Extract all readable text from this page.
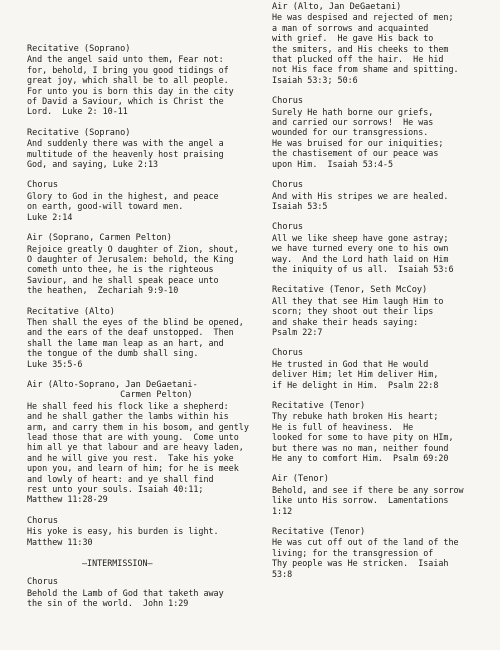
Recitative (Soprano)
And the angel said unto them, Fear not:
for, behold, I bring you good tidings of
great joy, which shall be to all people.
For unto you is born this day in the city
of David a Saviour, which is Christ the
Lord.  Luke 2: 10-11
Recitative (Soprano)
And suddenly there was with the angel a
multitude of the heavenly host praising
God, and saying, Luke 2:13
Chorus
Glory to God in the highest, and peace
on earth, good-will toward men.
Luke 2:14
Air (Soprano, Carmen Pelton)
Rejoice greatly O daughter of Zion, shout,
O daughter of Jerusalem: behold, the King
cometh unto thee, he is the righteous
Saviour, and he shall speak peace unto
the heathen,  Zechariah 9:9-10
Recitative (Alto)
Then shall the eyes of the blind be opened,
and the ears of the deaf unstopped.  Then
shall the lame man leap as an hart, and
the tongue of the dumb shall sing.
Luke 35:5-6
Air (Alto-Soprano, Jan DeGaetani-
Carmen Pelton)
He shall feed his flock like a shepherd:
and he shall gather the lambs within his
arm, and carry them in his bosom, and gently
lead those that are with young.  Come unto
him all ye that labour and are heavy laden,
and he will give you rest.  Take his yoke
upon you, and learn of him; for he is meek
and lowly of heart: and ye shall find
rest unto your souls. Isaiah 40:11;
Matthew 11:28-29
Chorus
His yoke is easy, his burden is light.
Matthew 11:30
—INTERMISSION—
Chorus
Behold the Lamb of God that taketh away
the sin of the world.  John 1:29
Air (Alto, Jan DeGaetani)
He was despised and rejected of men;
a man of sorrows and acquainted
with grief.  He gave His back to
the smiters, and His cheeks to them
that plucked off the hair.  He hid
not His face from shame and spitting.
Isaiah 53:3; 50:6
Chorus
Surely He hath borne our griefs,
and carried our sorrows!  He was
wounded for our transgressions.
He was bruised for our iniquities;
the chastisement of our peace was
upon Him.  Isaiah 53:4-5
Chorus
And with His stripes we are healed.
Isaiah 53:5
Chorus
All we like sheep have gone astray;
we have turned every one to his own
way.  And the Lord hath laid on Him
the iniquity of us all.  Isaiah 53:6
Recitative (Tenor, Seth McCoy)
All they that see Him laugh Him to
scorn; they shoot out their lips
and shake their heads saying:
Psalm 22:7
Chorus
He trusted in God that He would
deliver Him; let Him deliver Him,
if He delight in Him.  Psalm 22:8
Recitative (Tenor)
Thy rebuke hath broken His heart;
He is full of heaviness.  He
looked for some to have pity on HIm,
but there was no man, neither found
He any to comfort Him.  Psalm 69:20
Air (Tenor)
Behold, and see if there be any sorrow
like unto His sorrow.  Lamentations
1:12
Recitative (Tenor)
He was cut off out of the land of the
living; for the transgression of
Thy people was He stricken.  Isaiah
53:8
